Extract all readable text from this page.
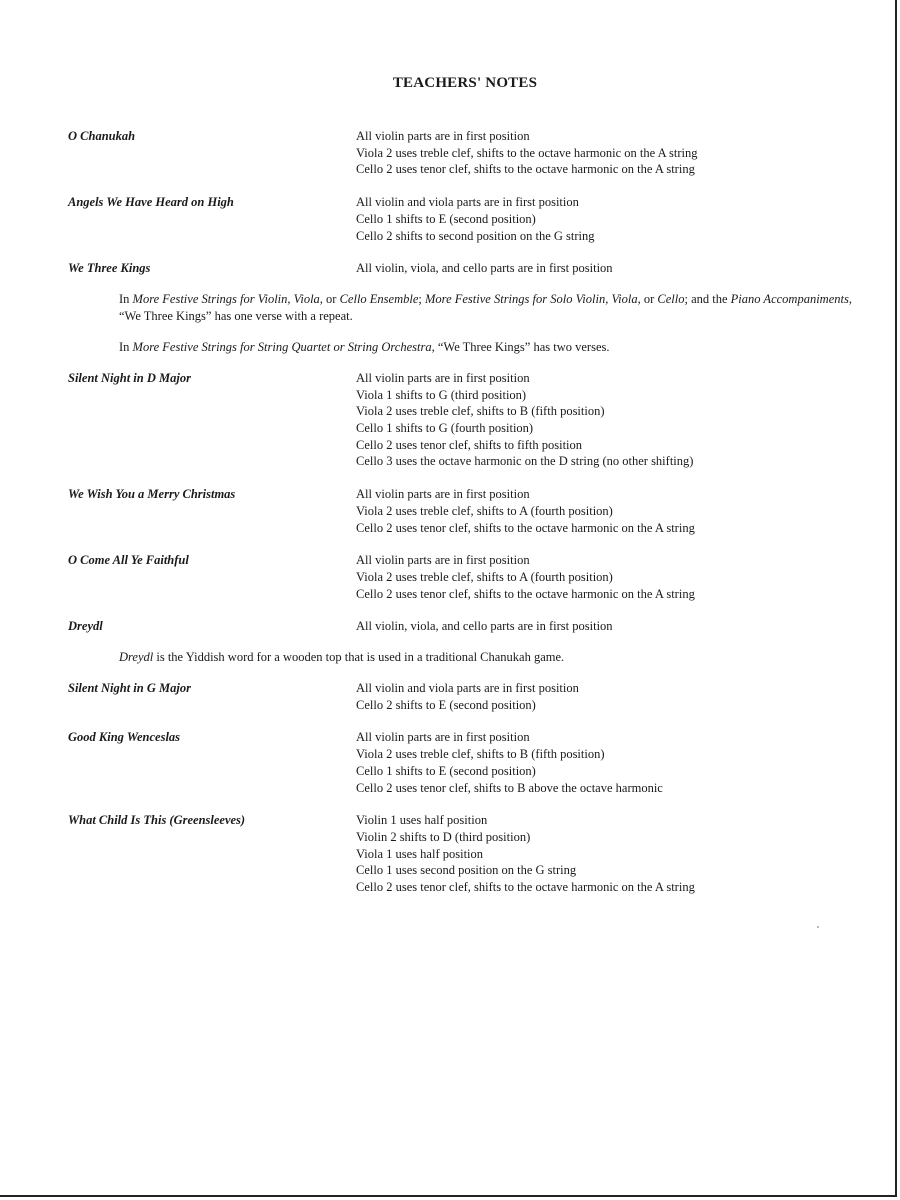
TEACHERS' NOTES
O Chanukah	All violin parts are in first position
Viola 2 uses treble clef, shifts to the octave harmonic on the A string
Cello 2 uses tenor clef, shifts to the octave harmonic on the A string
Angels We Have Heard on High	All violin and viola parts are in first position
Cello 1 shifts to E (second position)
Cello 2 shifts to second position on the G string
We Three Kings	All violin, viola, and cello parts are in first position
In More Festive Strings for Violin, Viola, or Cello Ensemble; More Festive Strings for Solo Violin, Viola, or Cello; and the Piano Accompaniments, “We Three Kings” has one verse with a repeat.
In More Festive Strings for String Quartet or String Orchestra, “We Three Kings” has two verses.
Silent Night in D Major	All violin parts are in first position
Viola 1 shifts to G (third position)
Viola 2 uses treble clef, shifts to B (fifth position)
Cello 1 shifts to G (fourth position)
Cello 2 uses tenor clef, shifts to fifth position
Cello 3 uses the octave harmonic on the D string (no other shifting)
We Wish You a Merry Christmas	All violin parts are in first position
Viola 2 uses treble clef, shifts to A (fourth position)
Cello 2 uses tenor clef, shifts to the octave harmonic on the A string
O Come All Ye Faithful	All violin parts are in first position
Viola 2 uses treble clef, shifts to A (fourth position)
Cello 2 uses tenor clef, shifts to the octave harmonic on the A string
Dreydl	All violin, viola, and cello parts are in first position
Dreydl is the Yiddish word for a wooden top that is used in a traditional Chanukah game.
Silent Night in G Major	All violin and viola parts are in first position
Cello 2 shifts to E (second position)
Good King Wenceslas	All violin parts are in first position
Viola 2 uses treble clef, shifts to B (fifth position)
Cello 1 shifts to E (second position)
Cello 2 uses tenor clef, shifts to B above the octave harmonic
What Child Is This (Greensleeves)	Violin 1 uses half position
Violin 2 shifts to D (third position)
Viola 1 uses half position
Cello 1 uses second position on the G string
Cello 2 uses tenor clef, shifts to the octave harmonic on the A string
